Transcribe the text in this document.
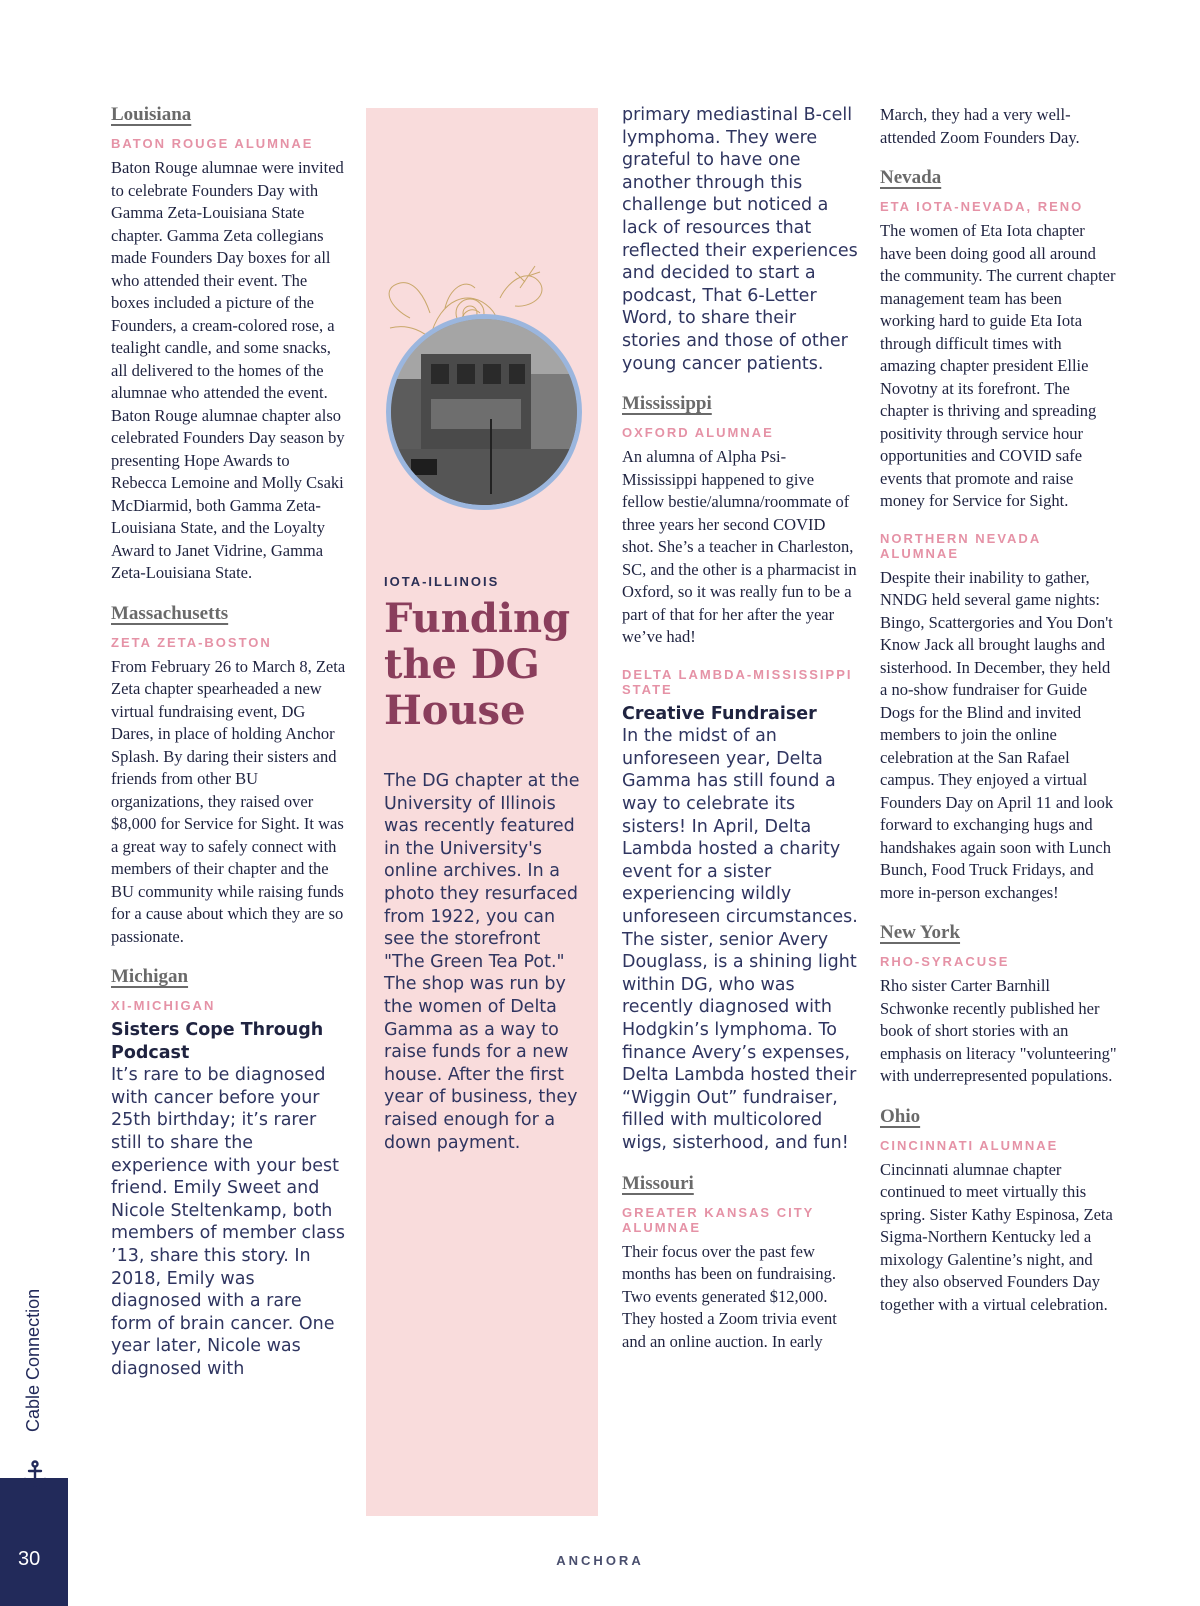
Louisiana
BATON ROUGE ALUMNAE

Baton Rouge alumnae were invited to celebrate Founders Day with Gamma Zeta-Louisiana State chapter. Gamma Zeta collegians made Founders Day boxes for all who attended their event. The boxes included a picture of the Founders, a cream-colored rose, a tealight candle, and some snacks, all delivered to the homes of the alumnae who attended the event. Baton Rouge alumnae chapter also celebrated Founders Day season by presenting Hope Awards to Rebecca Lemoine and Molly Csaki McDiarmid, both Gamma Zeta-Louisiana State, and the Loyalty Award to Janet Vidrine, Gamma Zeta-Louisiana State.

Massachusetts
ZETA ZETA-BOSTON

From February 26 to March 8, Zeta Zeta chapter spearheaded a new virtual fundraising event, DG Dares, in place of holding Anchor Splash. By daring their sisters and friends from other BU organizations, they raised over $8,000 for Service for Sight. It was a great way to safely connect with members of their chapter and the BU community while raising funds for a cause about which they are so passionate.

Michigan
XI-MICHIGAN

Sisters Cope Through Podcast

It’s rare to be diagnosed with cancer before your 25th birthday; it’s rarer still to share the experience with your best friend. Emily Sweet and Nicole Steltenkamp, both members of member class ’13, share this story. In 2018, Emily was diagnosed with a rare form of brain cancer. One year later, Nicole was diagnosed with

IOTA-ILLINOIS
Funding the DG House

The DG chapter at the University of Illinois was recently featured in the University's online archives. In a photo they resurfaced from 1922, you can see the storefront "The Green Tea Pot." The shop was run by the women of Delta Gamma as a way to raise funds for a new house. After the first year of business, they raised enough for a down payment.

primary mediastinal B-cell lymphoma. They were grateful to have one another through this challenge but noticed a lack of resources that reflected their experiences and decided to start a podcast, That 6-Letter Word, to share their stories and those of other young cancer patients.

Mississippi
OXFORD ALUMNAE

An alumna of Alpha Psi-Mississippi happened to give fellow bestie/alumna/roommate of three years her second COVID shot. She’s a teacher in Charleston, SC, and the other is a pharmacist in Oxford, so it was really fun to be a part of that for her after the year we’ve had!

DELTA LAMBDA-MISSISSIPPI STATE

Creative Fundraiser

In the midst of an unforeseen year, Delta Gamma has still found a way to celebrate its sisters! In April, Delta Lambda hosted a charity event for a sister experiencing wildly unforeseen circumstances. The sister, senior Avery Douglass, is a shining light within DG, who was recently diagnosed with Hodgkin’s lymphoma. To finance Avery’s expenses, Delta Lambda hosted their “Wiggin Out” fundraiser, filled with multicolored wigs, sisterhood, and fun!

Missouri
GREATER KANSAS CITY ALUMNAE

Their focus over the past few months has been on fundraising. Two events generated $12,000. They hosted a Zoom trivia event and an online auction. In early

March, they had a very well-attended Zoom Founders Day.

Nevada
ETA IOTA-NEVADA, RENO

The women of Eta Iota chapter have been doing good all around the community. The current chapter management team has been working hard to guide Eta Iota through difficult times with amazing chapter president Ellie Novotny at its forefront. The chapter is thriving and spreading positivity through service hour opportunities and COVID safe events that promote and raise money for Service for Sight.

NORTHERN NEVADA ALUMNAE

Despite their inability to gather, NNDG held several game nights: Bingo, Scattergories and You Don't Know Jack all brought laughs and sisterhood. In December, they held a no-show fundraiser for Guide Dogs for the Blind and invited members to join the online celebration at the San Rafael campus. They enjoyed a virtual Founders Day on April 11 and look forward to exchanging hugs and handshakes again soon with Lunch Bunch, Food Truck Fridays, and more in-person exchanges!

New York
RHO-SYRACUSE

Rho sister Carter Barnhill Schwonke recently published her book of short stories with an emphasis on literacy "volunteering" with underrepresented populations.

Ohio
CINCINNATI ALUMNAE

Cincinnati alumnae chapter continued to meet virtually this spring. Sister Kathy Espinosa, Zeta Sigma-Northern Kentucky led a mixology Galentine’s night, and they also observed Founders Day together with a virtual celebration.

Cable Connection
30	ANCHORA
